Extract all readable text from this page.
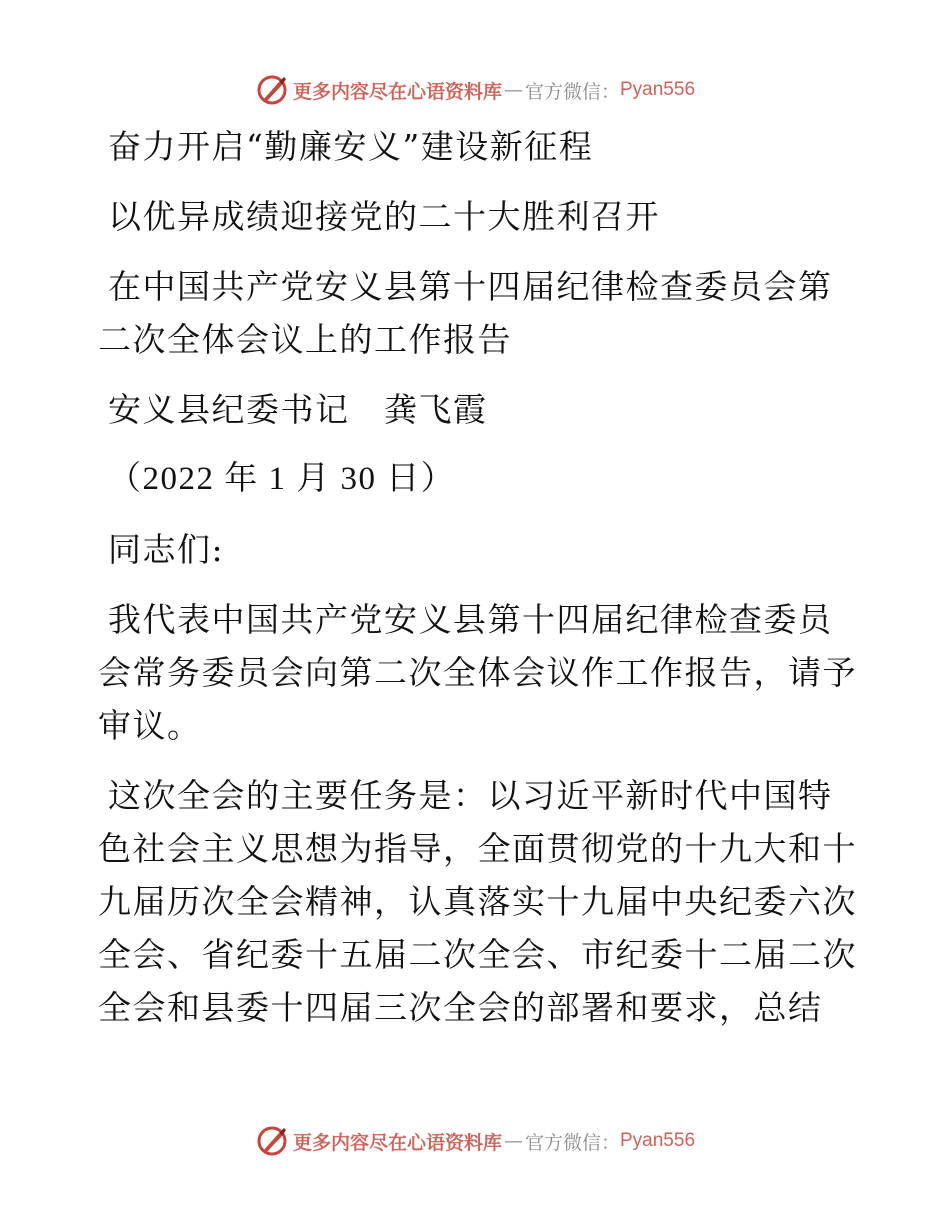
更多内容尽在心语资料库 — 官方微信： Pyan556

奋力开启“勤廉安义”建设新征程

以优异成绩迎接党的二十大胜利召开

在中国共产党安义县第十四届纪律检查委员会第二次全体会议上的工作报告

安义县纪委书记　龚飞霞

（2022 年 1 月 30 日）

同志们:

我代表中国共产党安义县第十四届纪律检查委员会常务委员会向第二次全体会议作工作报告，请予审议。

这次全会的主要任务是：以习近平新时代中国特色社会主义思想为指导，全面贯彻党的十九大和十九届历次全会精神，认真落实十九届中央纪委六次全会、省纪委十五届二次全会、市纪委十二届二次全会和县委十四届三次全会的部署和要求，总结

更多内容尽在心语资料库 — 官方微信： Pyan556
